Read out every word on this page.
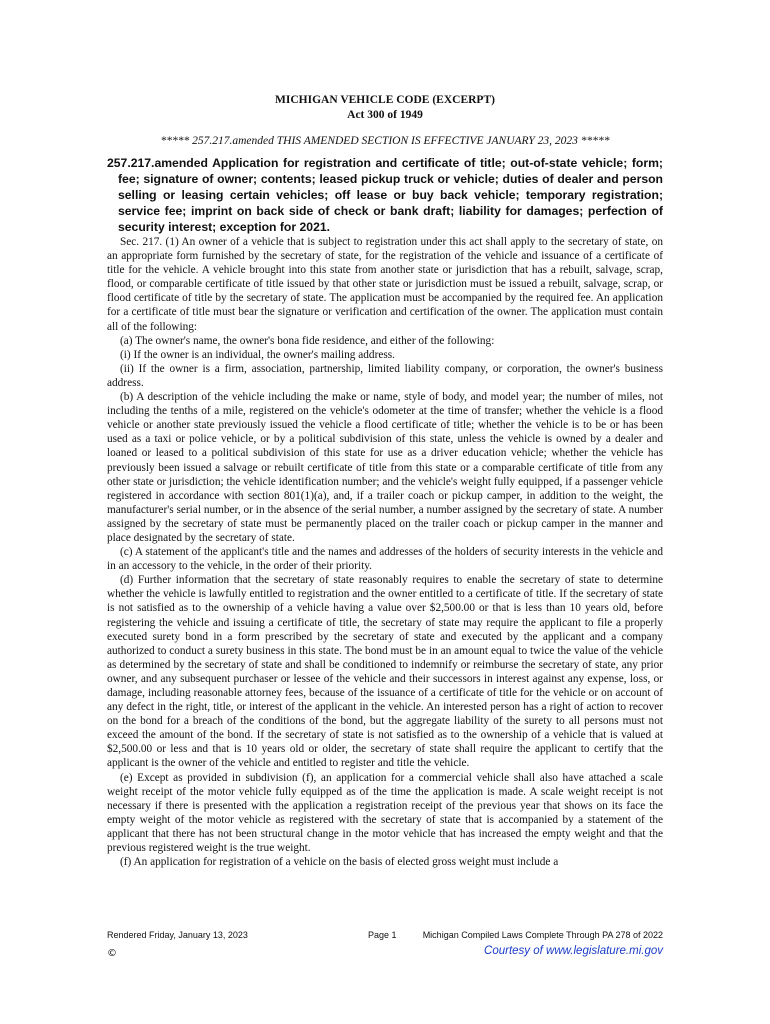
MICHIGAN VEHICLE CODE (EXCERPT)
Act 300 of 1949
***** 257.217.amended THIS AMENDED SECTION IS EFFECTIVE JANUARY 23, 2023 *****
257.217.amended Application for registration and certificate of title; out-of-state vehicle; form; fee; signature of owner; contents; leased pickup truck or vehicle; duties of dealer and person selling or leasing certain vehicles; off lease or buy back vehicle; temporary registration; service fee; imprint on back side of check or bank draft; liability for damages; perfection of security interest; exception for 2021.

Sec. 217. (1) An owner of a vehicle that is subject to registration under this act shall apply to the secretary of state, on an appropriate form furnished by the secretary of state, for the registration of the vehicle and issuance of a certificate of title for the vehicle. A vehicle brought into this state from another state or jurisdiction that has a rebuilt, salvage, scrap, flood, or comparable certificate of title issued by that other state or jurisdiction must be issued a rebuilt, salvage, scrap, or flood certificate of title by the secretary of state. The application must be accompanied by the required fee. An application for a certificate of title must bear the signature or verification and certification of the owner. The application must contain all of the following:

(a) The owner's name, the owner's bona fide residence, and either of the following:

(i) If the owner is an individual, the owner's mailing address.

(ii) If the owner is a firm, association, partnership, limited liability company, or corporation, the owner's business address.

(b) A description of the vehicle including the make or name, style of body, and model year; the number of miles, not including the tenths of a mile, registered on the vehicle's odometer at the time of transfer; whether the vehicle is a flood vehicle or another state previously issued the vehicle a flood certificate of title; whether the vehicle is to be or has been used as a taxi or police vehicle, or by a political subdivision of this state, unless the vehicle is owned by a dealer and loaned or leased to a political subdivision of this state for use as a driver education vehicle; whether the vehicle has previously been issued a salvage or rebuilt certificate of title from this state or a comparable certificate of title from any other state or jurisdiction; the vehicle identification number; and the vehicle's weight fully equipped, if a passenger vehicle registered in accordance with section 801(1)(a), and, if a trailer coach or pickup camper, in addition to the weight, the manufacturer's serial number, or in the absence of the serial number, a number assigned by the secretary of state. A number assigned by the secretary of state must be permanently placed on the trailer coach or pickup camper in the manner and place designated by the secretary of state.

(c) A statement of the applicant's title and the names and addresses of the holders of security interests in the vehicle and in an accessory to the vehicle, in the order of their priority.

(d) Further information that the secretary of state reasonably requires to enable the secretary of state to determine whether the vehicle is lawfully entitled to registration and the owner entitled to a certificate of title. If the secretary of state is not satisfied as to the ownership of a vehicle having a value over $2,500.00 or that is less than 10 years old, before registering the vehicle and issuing a certificate of title, the secretary of state may require the applicant to file a properly executed surety bond in a form prescribed by the secretary of state and executed by the applicant and a company authorized to conduct a surety business in this state. The bond must be in an amount equal to twice the value of the vehicle as determined by the secretary of state and shall be conditioned to indemnify or reimburse the secretary of state, any prior owner, and any subsequent purchaser or lessee of the vehicle and their successors in interest against any expense, loss, or damage, including reasonable attorney fees, because of the issuance of a certificate of title for the vehicle or on account of any defect in the right, title, or interest of the applicant in the vehicle. An interested person has a right of action to recover on the bond for a breach of the conditions of the bond, but the aggregate liability of the surety to all persons must not exceed the amount of the bond. If the secretary of state is not satisfied as to the ownership of a vehicle that is valued at $2,500.00 or less and that is 10 years old or older, the secretary of state shall require the applicant to certify that the applicant is the owner of the vehicle and entitled to register and title the vehicle.

(e) Except as provided in subdivision (f), an application for a commercial vehicle shall also have attached a scale weight receipt of the motor vehicle fully equipped as of the time the application is made. A scale weight receipt is not necessary if there is presented with the application a registration receipt of the previous year that shows on its face the empty weight of the motor vehicle as registered with the secretary of state that is accompanied by a statement of the applicant that there has not been structural change in the motor vehicle that has increased the empty weight and that the previous registered weight is the true weight.

(f) An application for registration of a vehicle on the basis of elected gross weight must include a

Rendered Friday, January 13, 2023	Page 1	Michigan Compiled Laws Complete Through PA 278 of 2022
©	Courtesy of www.legislature.mi.gov
